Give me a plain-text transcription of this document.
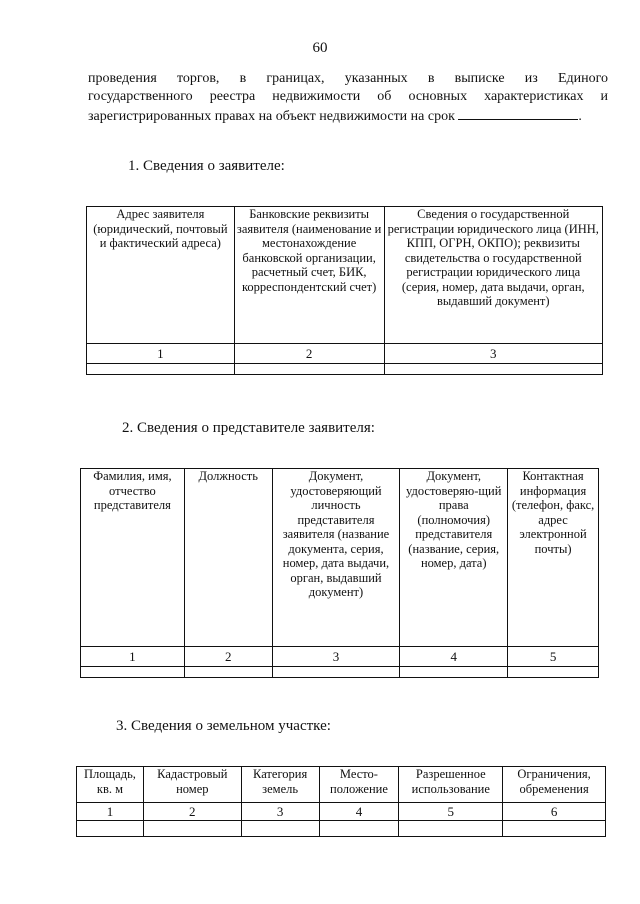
60
проведения торгов, в границах, указанных в выписке из Единого
государственного реестра недвижимости об основных характеристиках и
зарегистрированных правах на объект недвижимости на срок	.
1. Сведения о заявителе:
Адрес заявителя (юридический, почтовый и фактический адреса)	Банковские реквизиты заявителя (наименование и местонахождение банковской организации, расчетный счет, БИК, корреспондентский счет)	Сведения о государственной регистрации юридического лица (ИНН, КПП, ОГРН, ОКПО); реквизиты свидетельства о государственной регистрации юридического лица (серия, номер, дата выдачи, орган, выдавший документ)
1	2	3

2. Сведения о представителе заявителя:
Фамилия, имя, отчество представителя	Должность	Документ, удостоверяющий личность представителя заявителя (название документа, серия, номер, дата выдачи, орган, выдавший документ)	Документ, удостоверяю-щий права (полномочия) представителя (название, серия, номер, дата)	Контактная информация (телефон, факс, адрес электронной почты)
1	2	3	4	5

3. Сведения о земельном участке:
Площадь, кв. м	Кадастровый номер	Категория земель	Место-положение	Разрешенное использование	Ограничения, обременения
1	2	3	4	5	6
